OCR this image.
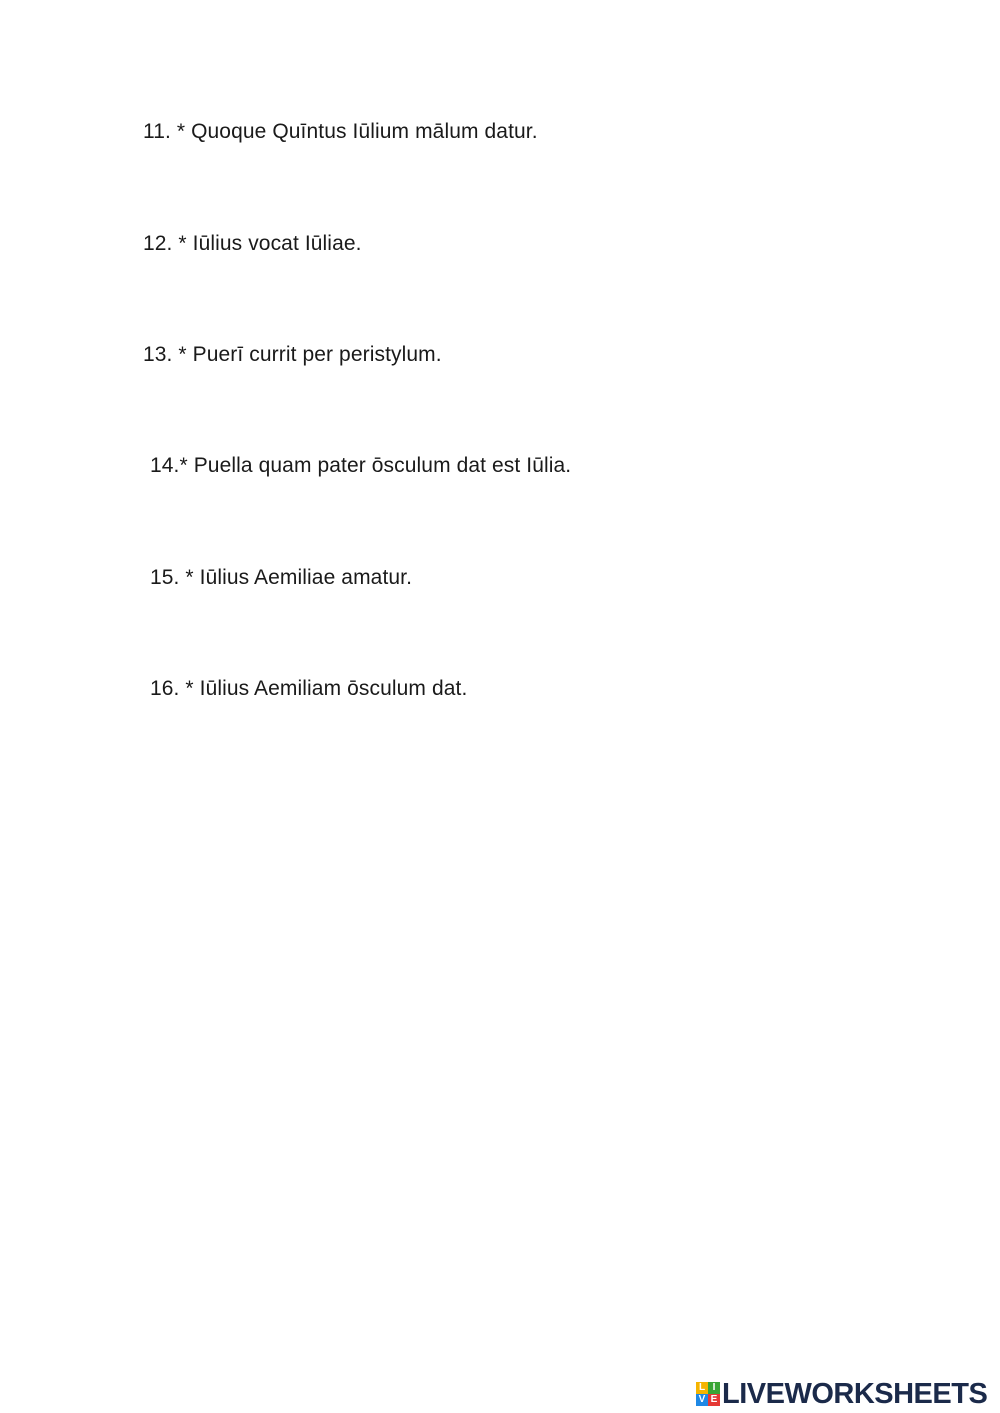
11. * Quoque Quīntus Iūlium mālum datur.
12. * Iūlius vocat Iūliae.
13. * Puerī currit per peristylum.
14.* Puella quam pater ōsculum dat est Iūlia.
15. * Iūlius Aemiliae amatur.
16. * Iūlius Aemiliam ōsculum dat.
L I
V E LIVEWORKSHEETS
